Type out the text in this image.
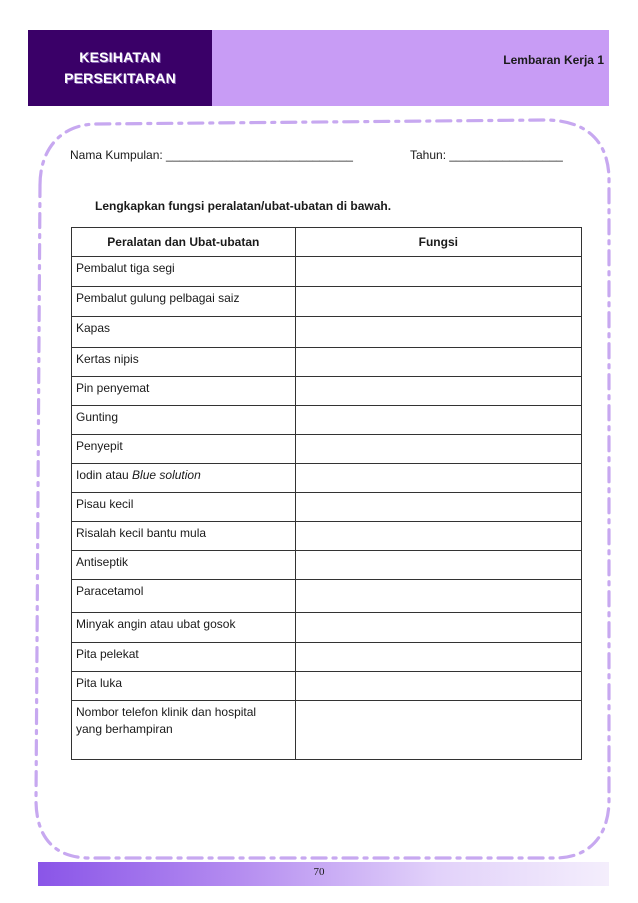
KESIHATAN
PERSEKITARAN
Lembaran Kerja 1
Nama Kumpulan: ____________________________	Tahun: _________________
Lengkapkan fungsi peralatan/ubat-ubatan di bawah.
Peralatan dan Ubat-ubatan	Fungsi
Pembalut tiga segi	
Pembalut gulung pelbagai saiz	
Kapas	
Kertas nipis	
Pin penyemat	
Gunting	
Penyepit	
Iodin atau Blue solution	
Pisau kecil	
Risalah kecil bantu mula	
Antiseptik	
Paracetamol	
Minyak angin atau ubat gosok	
Pita pelekat	
Pita luka	
Nombor telefon klinik dan hospital
yang berhampiran	
70
